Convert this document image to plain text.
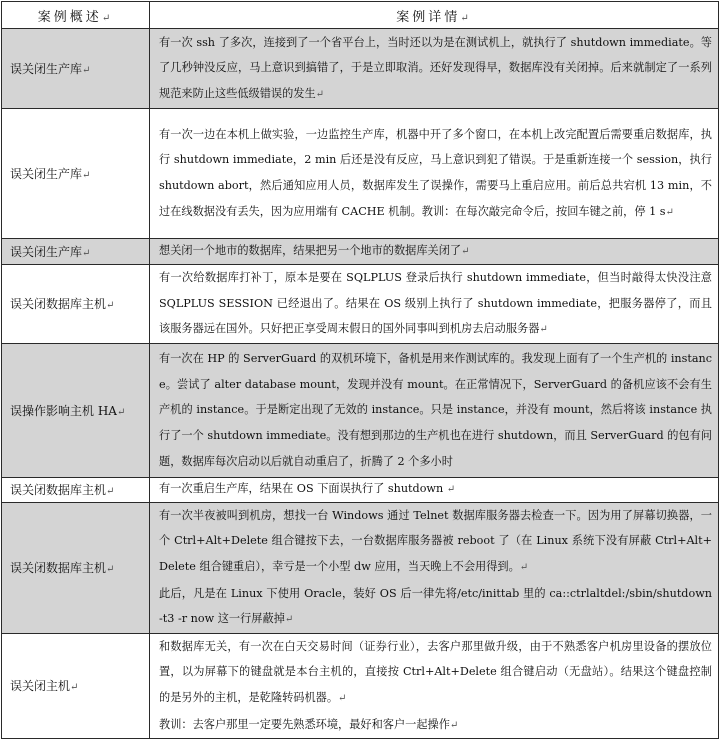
案例概述↵	案例详情↵
误关闭生产库↵	有一次 ssh 了多次，连接到了一个省平台上，当时还以为是在测试机上，就执行了 shutdown immediate。等了几秒钟没反应，马上意识到搞错了，于是立即取消。还好发现得早，数据库没有关闭掉。后来就制定了一系列规范来防止这些低级错误的发生↵
误关闭生产库↵	有一次一边在本机上做实验，一边监控生产库，机器中开了多个窗口，在本机上改完配置后需要重启数据库，执行 shutdown immediate，2 min 后还是没有反应，马上意识到犯了错误。于是重新连接一个 session，执行 shutdown abort，然后通知应用人员，数据库发生了误操作，需要马上重启应用。前后总共宕机 13 min，不过在线数据没有丢失，因为应用端有 CACHE 机制。教训：在每次敲完命令后，按回车键之前，停 1 s↵
误关闭生产库↵	想关闭一个地市的数据库，结果把另一个地市的数据库关闭了↵
误关闭数据库主机↵	有一次给数据库打补丁，原本是要在 SQLPLUS 登录后执行 shutdown immediate，但当时敲得太快没注意 SQLPLUS SESSION 已经退出了。结果在 OS 级别上执行了 shutdown immediate，把服务器停了，而且该服务器远在国外。只好把正享受周末假日的国外同事叫到机房去启动服务器↵
误操作影响主机 HA↵	有一次在 HP 的 ServerGuard 的双机环境下，备机是用来作测试库的。我发现上面有了一个生产机的 instance。尝试了 alter database mount，发现并没有 mount。在正常情况下，ServerGuard 的备机应该不会有生产机的 instance。于是断定出现了无效的 instance。只是 instance，并没有 mount，然后将该 instance 执行了一个 shutdown immediate。没有想到那边的生产机也在进行 shutdown，而且 ServerGuard 的包有问题，数据库每次启动以后就自动重启了，折腾了 2 个多小时
误关闭数据库主机↵	有一次重启生产库，结果在 OS 下面误执行了 shutdown ↵
误关闭数据库主机↵	有一次半夜被叫到机房，想找一台 Windows 通过 Telnet 数据库服务器去检查一下。因为用了屏幕切换器，一个 Ctrl+Alt+Delete 组合键按下去，一台数据库服务器被 reboot 了（在 Linux 系统下没有屏蔽 Ctrl+Alt+Delete 组合键重启），幸亏是一个小型 dw 应用，当天晚上不会用得到。↵
此后，凡是在 Linux 下使用 Oracle，装好 OS 后一律先将/etc/inittab 里的 ca::ctrlaltdel:/sbin/shutdown -t3 -r now 这一行屏蔽掉↵
误关闭主机↵	和数据库无关，有一次在白天交易时间（证券行业），去客户那里做升级，由于不熟悉客户机房里设备的摆放位置，以为屏幕下的键盘就是本台主机的，直接按 Ctrl+Alt+Delete 组合键启动（无盘站）。结果这个键盘控制的是另外的主机，是乾隆转码机器。↵
教训：去客户那里一定要先熟悉环境，最好和客户一起操作↵
